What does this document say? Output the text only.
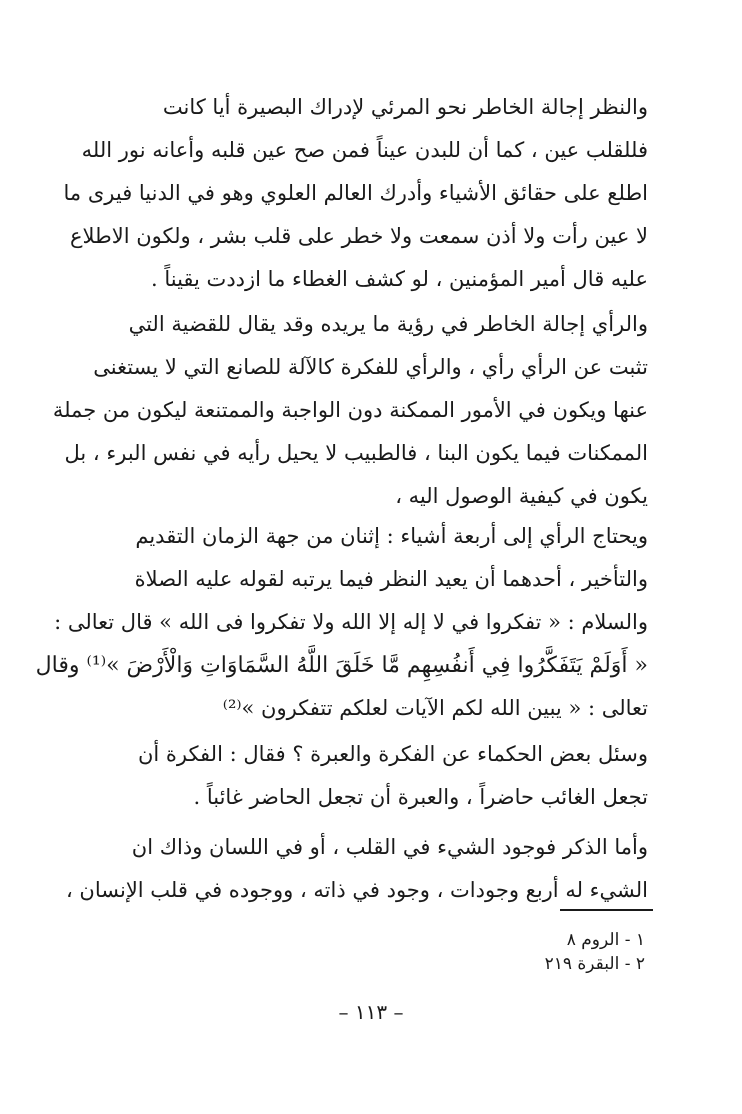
والنظر إجالة الخاطر نحو المرئي لإدراك البصيرة أيا كانت
فللقلب عين ، كما أن للبدن عيناً فمن صح عين قلبه وأعانه نور الله
اطلع على حقائق الأشياء وأدرك العالم العلوي وهو في الدنيا فيرى ما
لا عين رأت ولا أذن سمعت ولا خطر على قلب بشر ، ولكون الاطلاع
عليه قال أمير المؤمنين ، لو كشف الغطاء ما ازددت يقيناً .
والرأي إجالة الخاطر في رؤية ما يريده وقد يقال للقضية التي
تثبت عن الرأي رأي ، والرأي للفكرة كالآلة للصانع التي لا يستغنى
عنها ويكون في الأمور الممكنة دون الواجبة والممتنعة ليكون من جملة
الممكنات فيما يكون البنا ، فالطبيب لا يحيل رأيه في نفس البرء ، بل
يكون في كيفية الوصول اليه ،
ويحتاج الرأي إلى أربعة أشياء : إثنان من جهة الزمان التقديم
والتأخير ، أحدهما أن يعيد النظر فيما يرتبه لقوله عليه الصلاة
والسلام : « تفكروا في لا إله إلا الله ولا تفكروا فى الله » قال تعالى :
« أَوَلَمْ يَتَفَكَّرُوا فِي أَنفُسِهِم مَّا خَلَقَ اللَّهُ السَّمَاوَاتِ وَالْأَرْضَ »⁽¹⁾ وقال
تعالى : « يبين الله لكم الآيات لعلكم تتفكرون »⁽²⁾
وسئل بعض الحكماء عن الفكرة والعبرة ؟ فقال : الفكرة أن
تجعل الغائب حاضراً ، والعبرة أن تجعل الحاضر غائباً .
وأما الذكر فوجود الشيء في القلب ، أو في اللسان وذاك ان
الشيء له أربع وجودات ، وجود في ذاته ، ووجوده في قلب الإنسان ،
١ - الروم ٨
٢ - البقرة ٢١٩
– ١١٣ –
